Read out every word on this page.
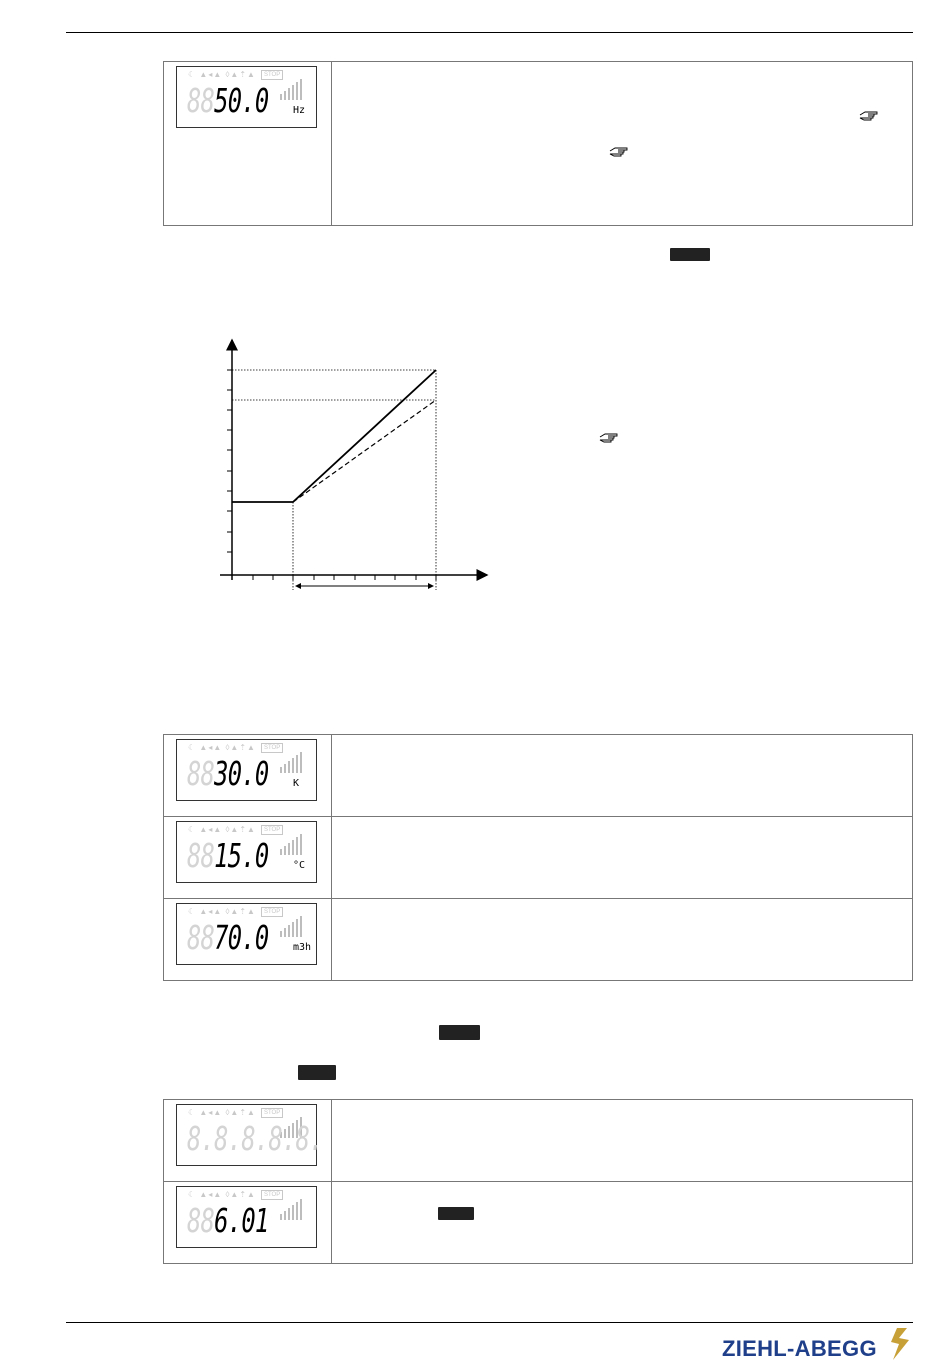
☾ ▲◂▲ ◊▲⇡▲	STOP
8850.0 Hz

☾ ▲◂▲ ◊▲⇡▲ STOP
8830.0 K	

☾ ▲◂▲ ◊▲⇡▲ STOP
8815.0 °C	

☾ ▲◂▲ ◊▲⇡▲ STOP
8870.0 m3h	

☾ ▲◂▲ ◊▲⇡▲ STOP
8.8.8.8.8.	

☾ ▲◂▲ ◊▲⇡▲ STOP
886.01	

ZIEHL-ABEGG
